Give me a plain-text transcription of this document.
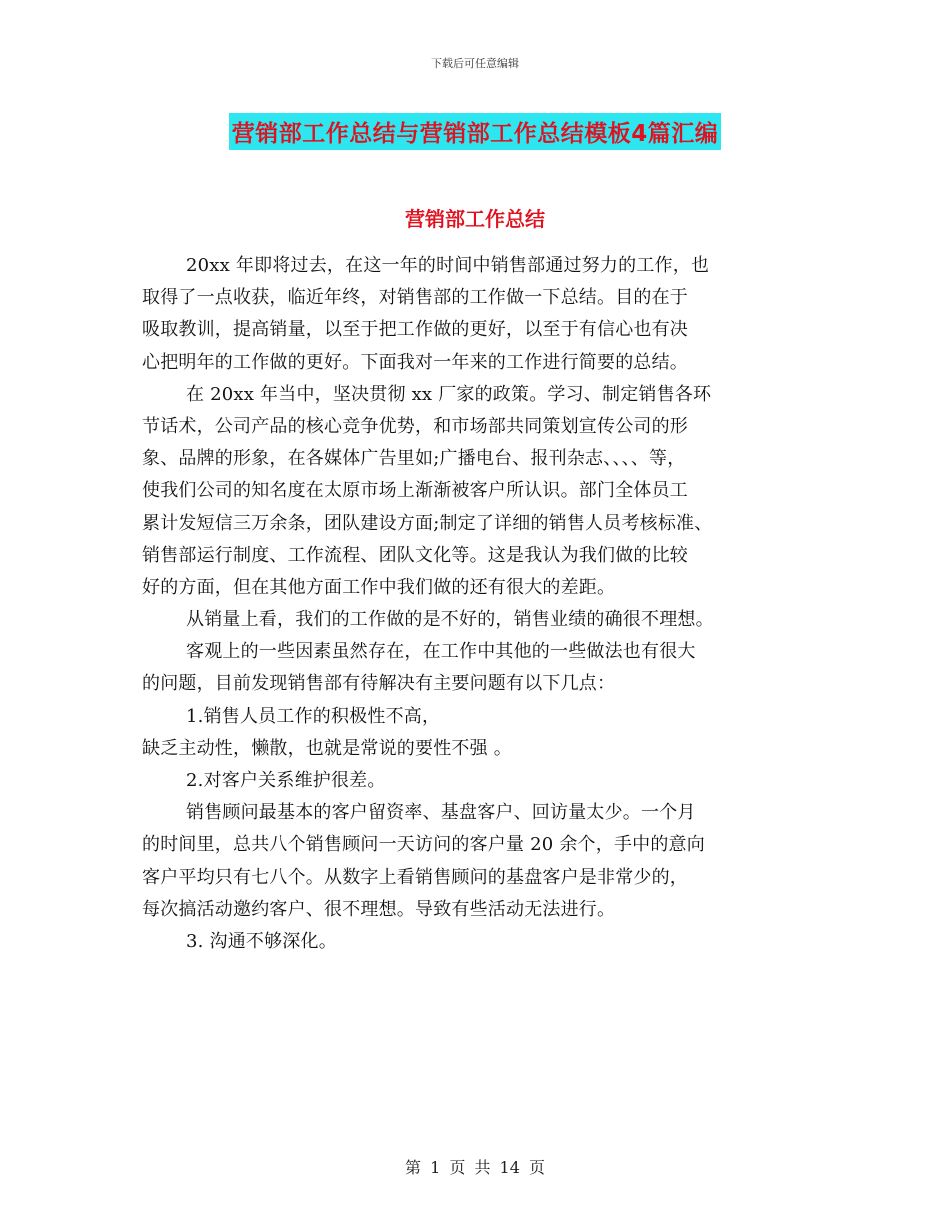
下载后可任意编辑
营销部工作总结与营销部工作总结模板4篇汇编
营销部工作总结
20xx 年即将过去，在这一年的时间中销售部通过努力的工作，也
取得了一点收获，临近年终，对销售部的工作做一下总结。目的在于
吸取教训，提高销量，以至于把工作做的更好，以至于有信心也有决
心把明年的工作做的更好。下面我对一年来的工作进行简要的总结。
在 20xx 年当中，坚决贯彻 xx 厂家的政策。学习、制定销售各环
节话术，公司产品的核心竞争优势，和市场部共同策划宣传公司的形
象、品牌的形象，在各媒体广告里如;广播电台、报刊杂志、、、、等，
使我们公司的知名度在太原市场上渐渐被客户所认识。部门全体员工
累计发短信三万余条，团队建设方面;制定了详细的销售人员考核标准、
销售部运行制度、工作流程、团队文化等。这是我认为我们做的比较
好的方面，但在其他方面工作中我们做的还有很大的差距。
从销量上看，我们的工作做的是不好的，销售业绩的确很不理想。
客观上的一些因素虽然存在，在工作中其他的一些做法也有很大
的问题，目前发现销售部有待解决有主要问题有以下几点：
1.销售人员工作的积极性不高，
缺乏主动性，懒散，也就是常说的要性不强 。
2.对客户关系维护很差。
销售顾问最基本的客户留资率、基盘客户、回访量太少。一个月
的时间里，总共八个销售顾问一天访问的客户量 20 余个，手中的意向
客户平均只有七八个。从数字上看销售顾问的基盘客户是非常少的，
每次搞活动邀约客户、很不理想。导致有些活动无法进行。
3. 沟通不够深化。
第 1 页 共 14 页
